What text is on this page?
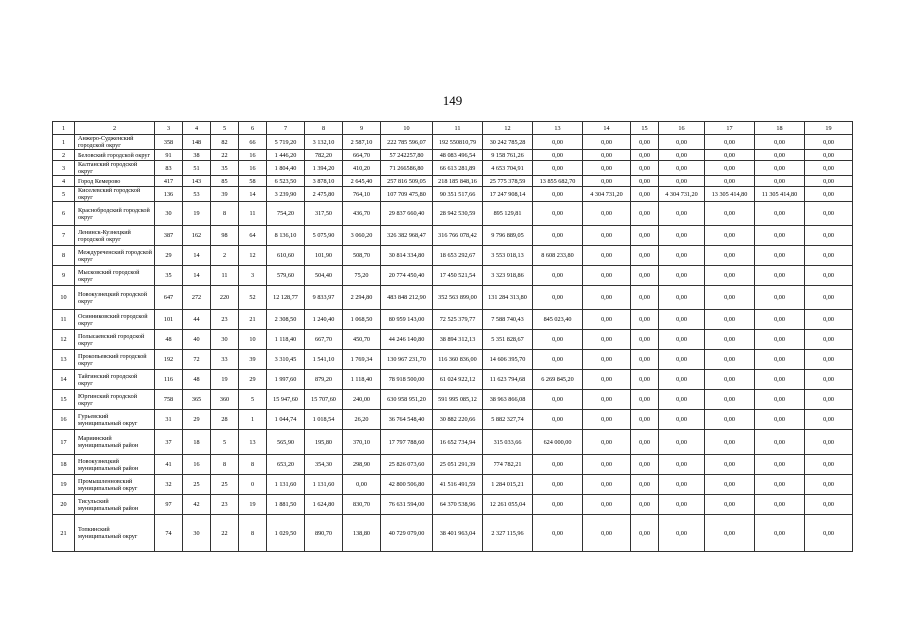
149
1	2	3	4	5	6	7	8	9	10	11	12	13	14	15	16	17	18	19
1	Анжеро-Судженский городской округ	358	148	82	66	5 719,20	3 132,10	2 587,10	222 785 596,07	192 550810,79	30 242 785,28	0,00	0,00	0,00	0,00	0,00	0,00	0,00
2	Беловский городской округ	91	38	22	16	1 446,20	782,20	664,70	57 242257,80	48 083 496,54	9 158 761,26	0,00	0,00	0,00	0,00	0,00	0,00	0,00
3	Калтанский городской округ	83	51	35	16	1 804,40	1 394,20	410,20	71 266586,80	66 613 281,89	4 653 704,91	0,00	0,00	0,00	0,00	0,00	0,00	0,00
4	Город Кемерово	417	143	85	58	6 523,50	3 878,10	2 645,40	257 816 509,05	218 185 848,16	25 775 378,59	13 855 682,70	0,00	0,00	0,00	0,00	0,00	0,00
5	Киселевский городской округ	136	53	39	14	3 239,90	2 475,80	764,10	107 709 475,80	90 351 517,66	17 247 908,14	0,00	4 304 731,20	0,00	4 304 731,20	13 305 414,80	11 305 414,80	0,00
6	Краснобродский городской округ	30	19	8	11	754,20	317,50	436,70	29 837 660,40	28 942 530,59	895 129,81	0,00	0,00	0,00	0,00	0,00	0,00	0,00
7	Ленинск-Кузнецкий городской округ	387	162	98	64	8 136,10	5 075,90	3 060,20	326 382 968,47	316 766 078,42	9 796 889,05	0,00	0,00	0,00	0,00	0,00	0,00	0,00
8	Междуреченский городской округ	29	14	2	12	610,60	101,90	508,70	30 814 334,80	18 653 292,67	3 553 018,13	8 608 233,80	0,00	0,00	0,00	0,00	0,00	0,00
9	Мысковский городской округ	35	14	11	3	579,60	504,40	75,20	20 774 450,40	17 450 521,54	3 323 918,86	0,00	0,00	0,00	0,00	0,00	0,00	0,00
10	Новокузнецкий городской округ	647	272	220	52	12 128,77	9 833,97	2 294,80	483 848 212,90	352 563 899,00	131 284 313,80	0,00	0,00	0,00	0,00	0,00	0,00	0,00
11	Осинниковский городской округ	101	44	23	21	2 308,50	1 240,40	1 068,50	80 959 143,00	72 525 379,77	7 588 740,43	845 023,40	0,00	0,00	0,00	0,00	0,00	0,00
12	Полысаевский городской округ	48	40	30	10	1 118,40	667,70	450,70	44 246 140,80	38 894 312,13	5 351 828,67	0,00	0,00	0,00	0,00	0,00	0,00	0,00
13	Прокопьевский городской округ	192	72	33	39	3 310,45	1 541,10	1 769,34	130 967 231,70	116 360 836,00	14 606 395,70	0,00	0,00	0,00	0,00	0,00	0,00	0,00
14	Тайгинский городской округ	116	48	19	29	1 997,60	879,20	1 118,40	78 918 500,00	61 024 922,12	11 623 794,68	6 269 845,20	0,00	0,00	0,00	0,00	0,00	0,00
15	Юргинский городской округ	758	365	360	5	15 947,60	15 707,60	240,00	630 958 951,20	591 995 085,12	38 963 866,08	0,00	0,00	0,00	0,00	0,00	0,00	0,00
16	Гурьевский муниципальный округ	31	29	28	1	1 044,74	1 018,54	26,20	36 764 548,40	30 882 220,66	5 882 327,74	0,00	0,00	0,00	0,00	0,00	0,00	0,00
17	Мариинский муниципальный район	37	18	5	13	565,90	195,80	370,10	17 797 788,60	16 652 734,94	315 033,66	624 000,00	0,00	0,00	0,00	0,00	0,00	0,00
18	Новокузнецкий муниципальный район	41	16	8	8	653,20	354,30	298,90	25 826 073,60	25 051 291,39	774 782,21	0,00	0,00	0,00	0,00	0,00	0,00	0,00
19	Промышленновский муниципальный округ	32	25	25	0	1 131,60	1 131,60	0,00	42 800 506,80	41 516 491,59	1 284 015,21	0,00	0,00	0,00	0,00	0,00	0,00	0,00
20	Тисульский муниципальный район	97	42	23	19	1 881,50	1 624,80	830,70	76 631 594,00	64 370 538,96	12 261 055,04	0,00	0,00	0,00	0,00	0,00	0,00	0,00
21	Топкинский муниципальный округ	74	30	22	8	1 029,50	890,70	138,80	40 729 079,00	38 401 963,04	2 327 115,96	0,00	0,00	0,00	0,00	0,00	0,00	0,00
